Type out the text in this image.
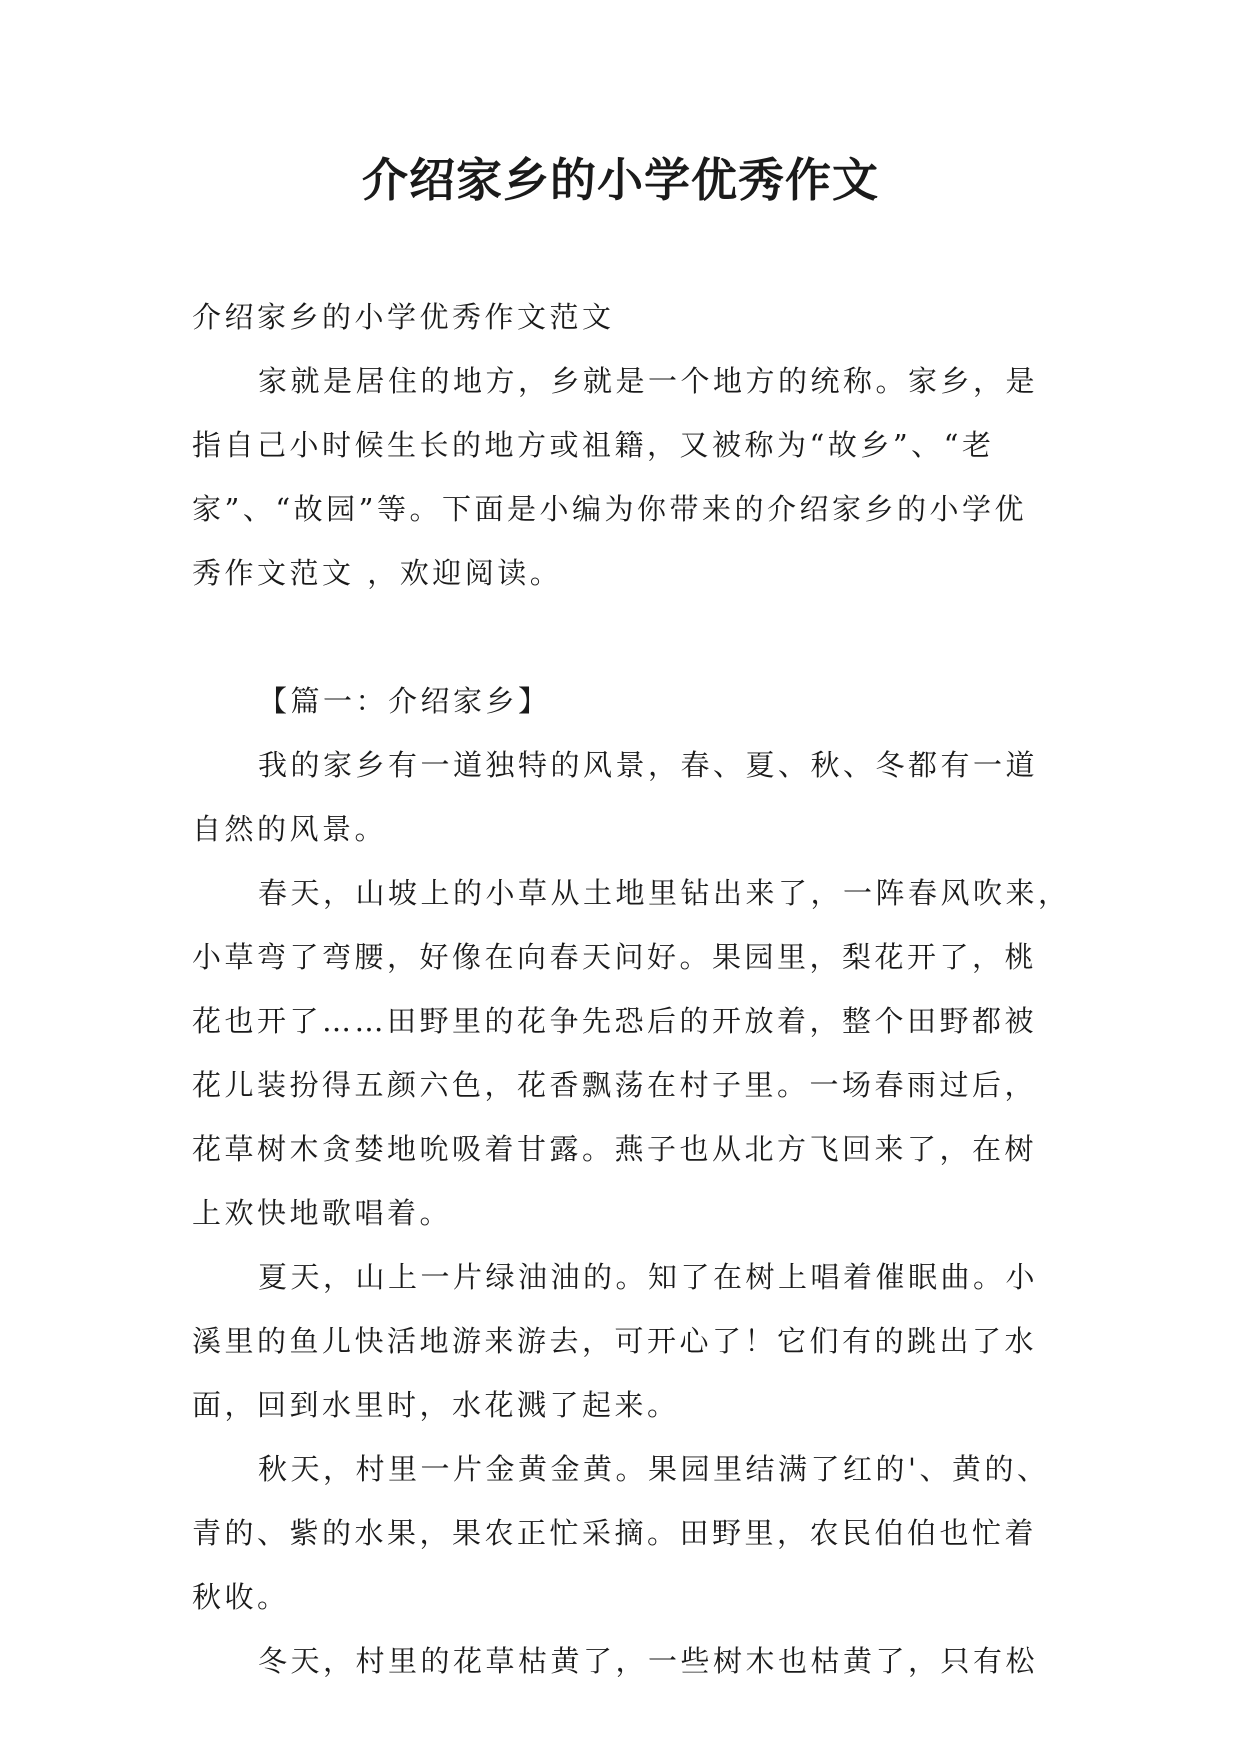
介绍家乡的小学优秀作文
介绍家乡的小学优秀作文范文
家就是居住的地方，乡就是一个地方的统称。家乡，是
指自己小时候生长的地方或祖籍，又被称为“故乡”、“老
家”、“故园”等。下面是小编为你带来的介绍家乡的小学优
秀作文范文 ，欢迎阅读。
【篇一：介绍家乡】
我的家乡有一道独特的风景，春、夏、秋、冬都有一道
自然的风景。
春天，山坡上的小草从土地里钻出来了，一阵春风吹来，
小草弯了弯腰，好像在向春天问好。果园里，梨花开了，桃
花也开了……田野里的花争先恐后的开放着，整个田野都被
花儿装扮得五颜六色，花香飘荡在村子里。一场春雨过后，
花草树木贪婪地吮吸着甘露。燕子也从北方飞回来了，在树
上欢快地歌唱着。
夏天，山上一片绿油油的。知了在树上唱着催眠曲。小
溪里的鱼儿快活地游来游去，可开心了！它们有的跳出了水
面，回到水里时，水花溅了起来。
秋天，村里一片金黄金黄。果园里结满了红的'、黄的、
青的、紫的水果，果农正忙采摘。田野里，农民伯伯也忙着
秋收。
冬天，村里的花草枯黄了，一些树木也枯黄了，只有松
